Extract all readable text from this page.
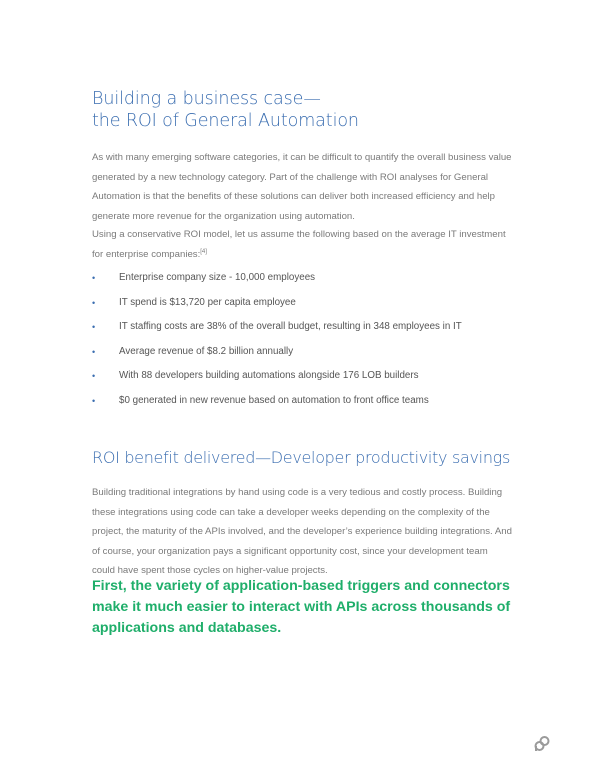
Building a business case—
the ROI of General Automation
As with many emerging software categories, it can be difficult to quantify the overall business value generated by a new technology category. Part of the challenge with ROI analyses for General Automation is that the benefits of these solutions can deliver both increased efficiency and help generate more revenue for the organization using automation.
Using a conservative ROI model, let us assume the following based on the average IT investment for enterprise companies:[4]
• Enterprise company size - 10,000 employees
• IT spend is $13,720 per capita employee
• IT staffing costs are 38% of the overall budget, resulting in 348 employees in IT
• Average revenue of $8.2 billion annually
• With 88 developers building automations alongside 176 LOB builders
• $0 generated in new revenue based on automation to front office teams
ROI benefit delivered—Developer productivity savings
Building traditional integrations by hand using code is a very tedious and costly process. Building these integrations using code can take a developer weeks depending on the complexity of the project, the maturity of the APIs involved, and the developer’s experience building integrations. And of course, your organization pays a significant opportunity cost, since your development team could have spent those cycles on higher-value projects.
First, the variety of application-based triggers and connectors make it much easier to interact with APIs across thousands of applications and databases.
